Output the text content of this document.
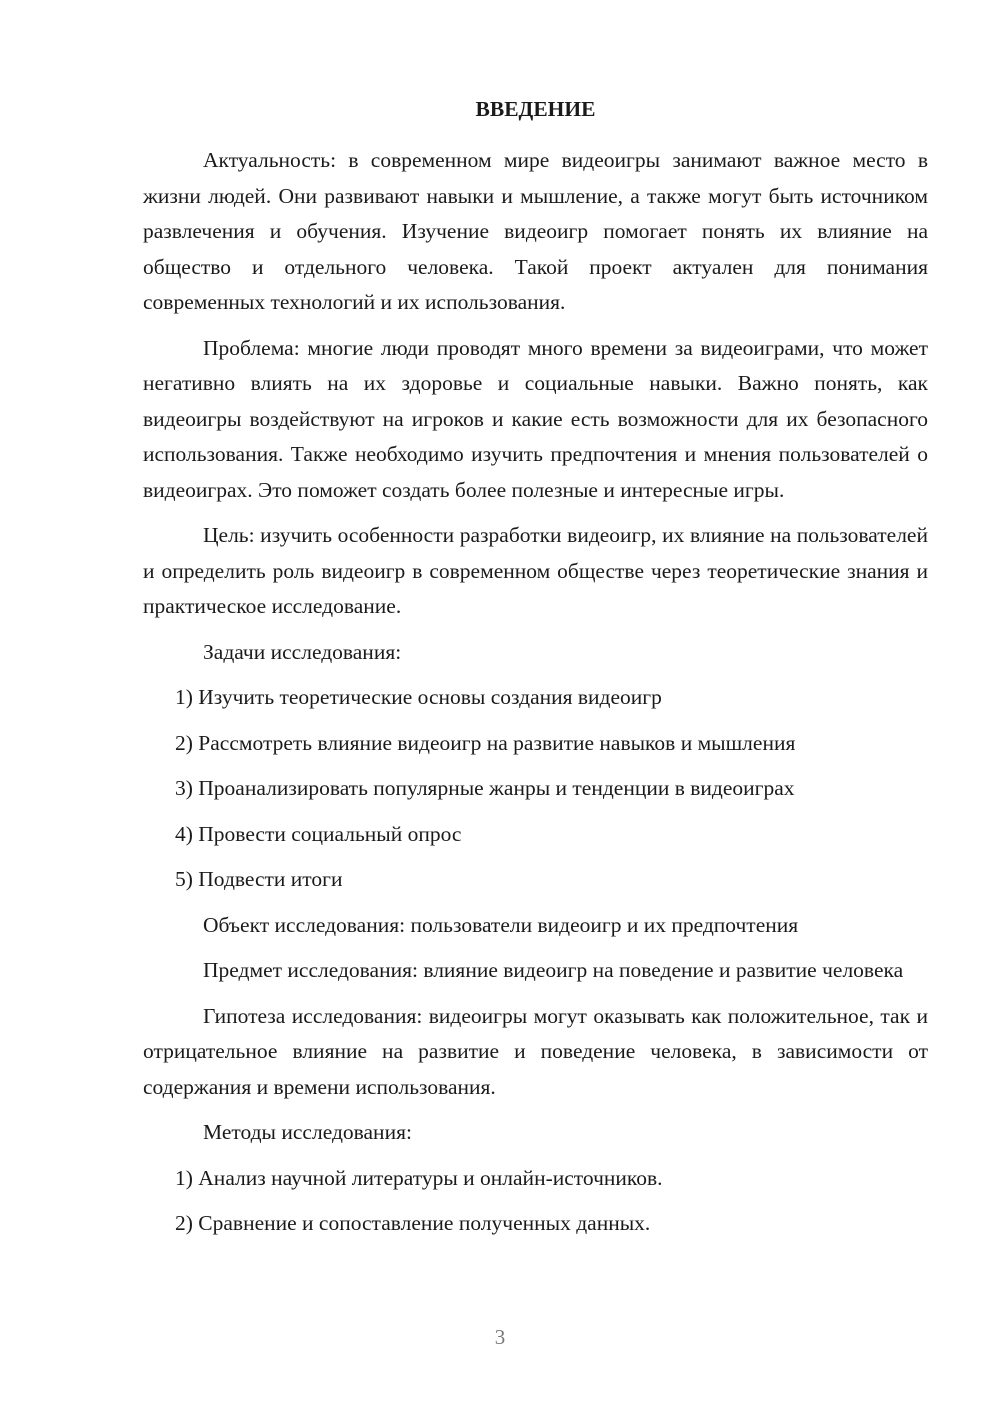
ВВЕДЕНИЕ

Актуальность: в современном мире видеоигры занимают важное место в жизни людей. Они развивают навыки и мышление, а также могут быть источником развлечения и обучения. Изучение видеоигр помогает понять их влияние на общество и отдельного человека. Такой проект актуален для понимания современных технологий и их использования.

Проблема: многие люди проводят много времени за видеоиграми, что может негативно влиять на их здоровье и социальные навыки. Важно понять, как видеоигры воздействуют на игроков и какие есть возможности для их безопасного использования. Также необходимо изучить предпочтения и мнения пользователей о видеоиграх. Это поможет создать более полезные и интересные игры.

Цель: изучить особенности разработки видеоигр, их влияние на пользователей и определить роль видеоигр в современном обществе через теоретические знания и практическое исследование.

Задачи исследования:

1) Изучить теоретические основы создания видеоигр

2) Рассмотреть влияние видеоигр на развитие навыков и мышления

3) Проанализировать популярные жанры и тенденции в видеоиграх

4) Провести социальный опрос

5) Подвести итоги

Объект исследования: пользователи видеоигр и их предпочтения

Предмет исследования: влияние видеоигр на поведение и развитие человека

Гипотеза исследования: видеоигры могут оказывать как положительное, так и отрицательное влияние на развитие и поведение человека, в зависимости от содержания и времени использования.

Методы исследования:

1) Анализ научной литературы и онлайн-источников.

2) Сравнение и сопоставление полученных данных.

3
